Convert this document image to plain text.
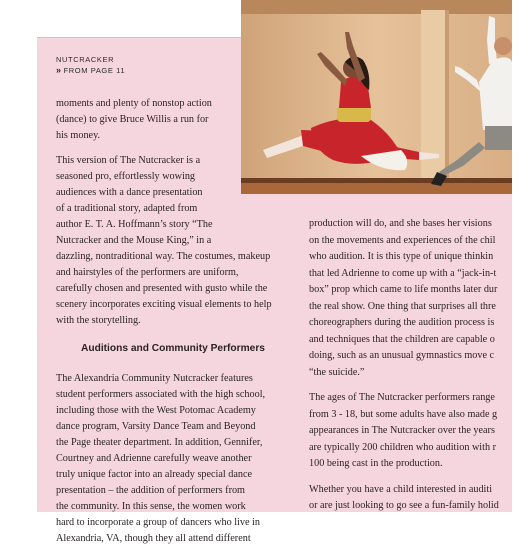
NUTCRACKER
» FROM PAGE 11

moments and plenty of nonstop action
(dance) to give Bruce Willis a run for
his money.

This version of The Nutcracker is a
seasoned pro, effortlessly wowing
audiences with a dance presentation
of a traditional story, adapted from
author E. T. A. Hoffmann’s story “The
Nutcracker and the Mouse King,” in a
dazzling, nontraditional way. The costumes, makeup
and hairstyles of the performers are uniform,
carefully chosen and presented with gusto while the
scenery incorporates exciting visual elements to help
with the storytelling.

Auditions and Community Performers

The Alexandria Community Nutcracker features
student performers associated with the high school,
including those with the West Potomac Academy
dance program, Varsity Dance Team and Beyond
the Page theater department. In addition, Gennifer,
Courtney and Adrienne carefully weave another
truly unique factor into an already special dance
presentation – the addition of performers from
the community. In this sense, the women work
hard to incorporate a group of dancers who live in
Alexandria, VA, though they all attend different

production will do, and she bases her visions
on the movements and experiences of the chil
who audition. It is this type of unique thinkin
that led Adrienne to come up with a “jack-in-t
box” prop which came to life months later dur
the real show. One thing that surprises all thre
choreographers during the audition process is
and techniques that the children are capable o
doing, such as an unusual gymnastics move c
“the suicide.”

The ages of The Nutcracker performers range
from 3 - 18, but some adults have also made g
appearances in The Nutcracker over the years
are typically 200 children who audition with r
100 being cast in the production.

Whether you have a child interested in auditi
or are just looking to go see a fun-family holid
